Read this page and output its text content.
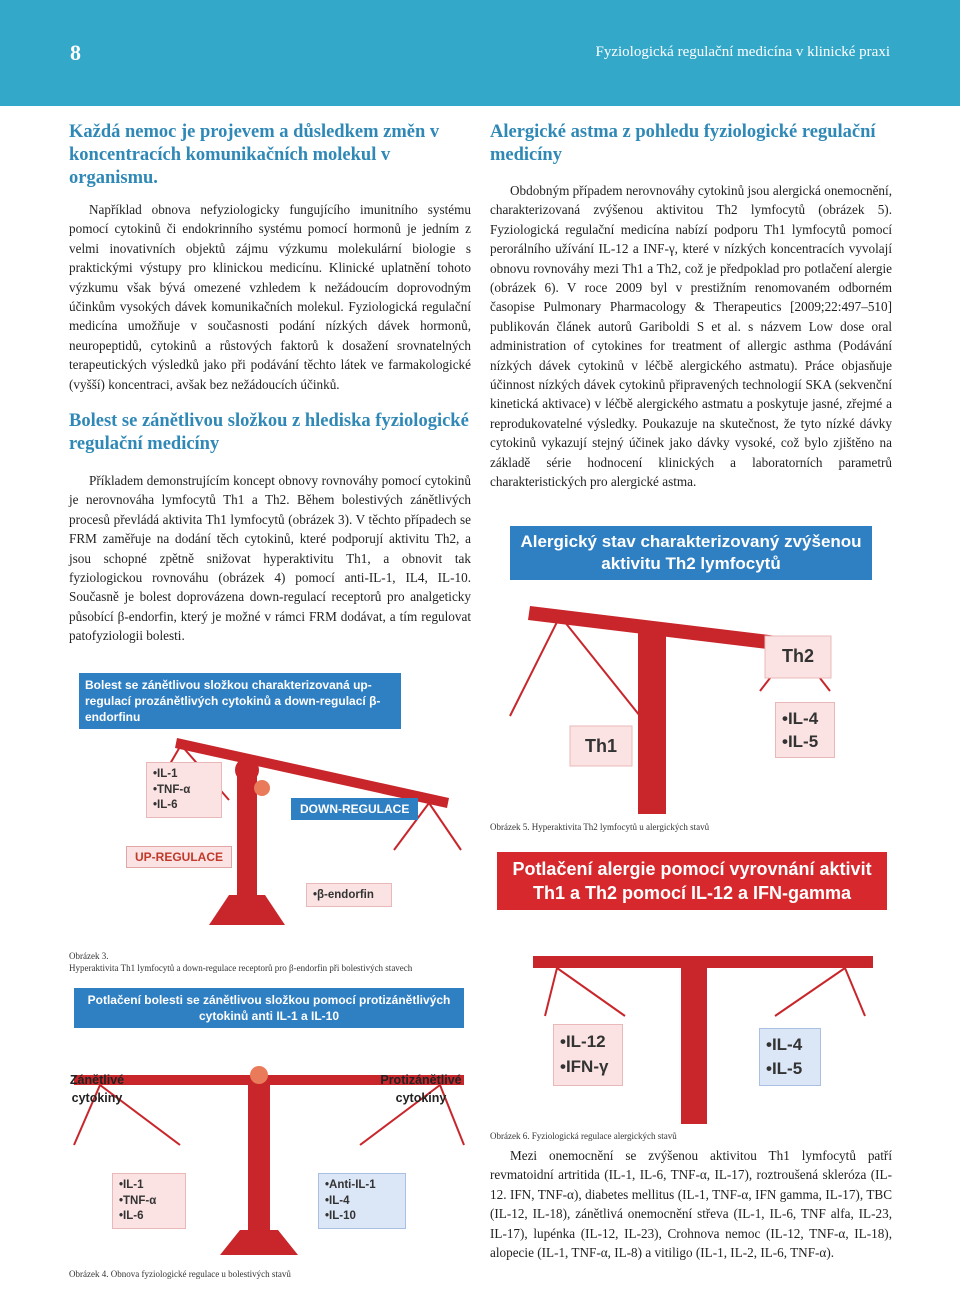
8	Fyziologická regulační medicína v klinické praxi
Každá nemoc je projevem a důsledkem změn v koncentracích komunikačních molekul v organismu.
Například obnova nefyziologicky fungujícího imunitního systému pomocí cytokinů či endokrinního systému pomocí hormonů je jedním z velmi inovativních objektů zájmu výzkumu molekulární biologie s praktickými výstupy pro klinickou medicínu. Klinické uplatnění tohoto výzkumu však bývá omezené vzhledem k nežádoucím doprovodným účinkům vysokých dávek komunikačních molekul. Fyziologická regulační medicína umožňuje v současnosti podání nízkých dávek hormonů, neuropeptidů, cytokinů a růstových faktorů k dosažení srovnatelných terapeutických výsledků jako při podávání těchto látek ve farmakologické (vyšší) koncentraci, avšak bez nežádoucích účinků.
Bolest se zánětlivou složkou z hlediska fyziologické regulační medicíny
Příkladem demonstrujícím koncept obnovy rovnováhy pomocí cytokinů je nerovnováha lymfocytů Th1 a Th2. Během bolestivých zánětlivých procesů převládá aktivita Th1 lymfocytů (obrázek 3). V těchto případech se FRM zaměřuje na dodání těch cytokinů, které podporují aktivitu Th2, a jsou schopné zpětně snižovat hyperaktivitu Th1, a obnovit tak fyziologickou rovnováhu (obrázek 4) pomocí anti-IL-1, IL4, IL-10. Současně je bolest doprovázena down-regulací receptorů pro analgeticky působící β-endorfin, který je možné v rámci FRM dodávat, a tím regulovat patofyziologii bolesti.
Bolest se zánětlivou složkou charakterizovaná up-regulací prozánětlivých cytokinů a down-regulací β-endorfinu
•IL-1
•TNF-α
•IL-6	DOWN-REGULACE
UP-REGULACE
•β-endorfin
Obrázek 3.
Hyperaktivita Th1 lymfocytů a down-regulace receptorů pro β-endorfin při bolestivých stavech
Potlačení bolesti se zánětlivou složkou pomocí protizánětlivých cytokinů anti IL-1 a IL-10
Zánětlivé cytokiny
Protizánětlivé cytokiny
•IL-1
•TNF-α
•IL-6
•Anti-IL-1
•IL-4
•IL-10
Obrázek 4. Obnova fyziologické regulace u bolestivých stavů
Alergické astma z pohledu fyziologické regulační medicíny
Obdobným případem nerovnováhy cytokinů jsou alergická onemocnění, charakterizovaná zvýšenou aktivitou Th2 lymfocytů (obrázek 5). Fyziologická regulační medicína nabízí podporu Th1 lymfocytů pomocí perorálního užívání IL-12 a INF-γ, které v nízkých koncentracích vyvolají obnovu rovnováhy mezi Th1 a Th2, což je předpoklad pro potlačení alergie (obrázek 6). V roce 2009 byl v prestižním renomovaném odborném časopise Pulmonary Pharmacology & Therapeutics [2009;22:497–510] publikován článek autorů Gariboldi S et al. s názvem Low dose oral administration of cytokines for treatment of allergic asthma (Podávání nízkých dávek cytokinů v léčbě alergického astmatu). Práce objasňuje účinnost nízkých dávek cytokinů připravených technologií SKA (sekvenční kinetická aktivace) v léčbě alergického astmatu a poskytuje jasné, zřejmé a reprodukovatelné výsledky. Poukazuje na skutečnost, že tyto nízké dávky cytokinů vykazují stejný účinek jako dávky vysoké, což bylo zjištěno na základě série hodnocení klinických a laboratorních parametrů charakteristických pro alergické astma.
Th2
Th1
Alergický stav charakterizovaný zvýšenou aktivitu Th2 lymfocytů
•IL-4
•IL-5
Obrázek 5. Hyperaktivita Th2 lymfocytů u alergických stavů
Potlačení alergie pomocí vyrovnání aktivit Th1 a Th2 pomocí IL-12 a IFN-gamma
•IL-12
•IFN-γ
•IL-4
•IL-5
Obrázek 6. Fyziologická regulace alergických stavů
Mezi onemocnění se zvýšenou aktivitou Th1 lymfocytů patří revmatoidní artritida (IL-1, IL-6, TNF-α, IL-17), roztroušená skleróza (IL-12. IFN, TNF-α), diabetes mellitus (IL-1, TNF-α, IFN gamma, IL-17), TBC (IL-12, IL-18), zánětlivá onemocnění střeva (IL-1, IL-6, TNF alfa, IL-23, IL-17), lupénka (IL-12, IL-23), Crohnova nemoc (IL-12, TNF-α, IL-18), alopecie (IL-1, TNF-α, IL-8) a vitiligo (IL-1, IL-2, IL-6, TNF-α).
